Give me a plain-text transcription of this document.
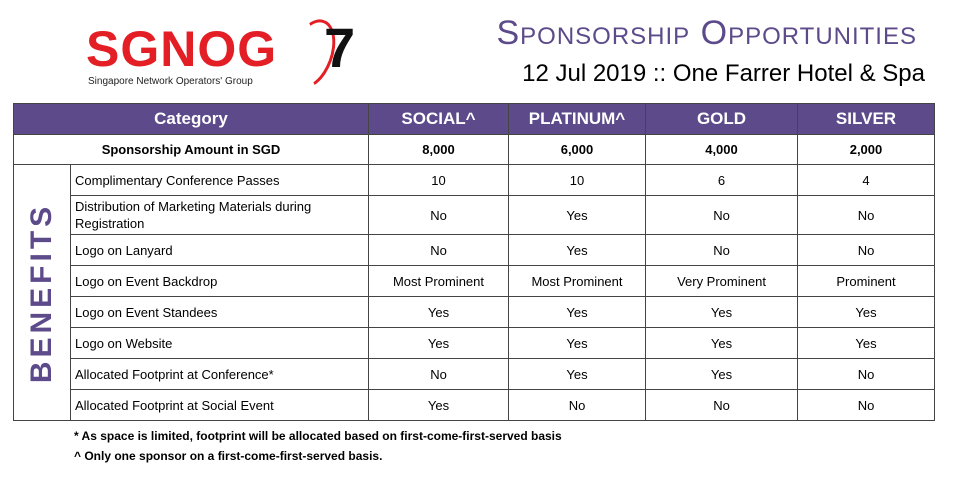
SGNOG 7
Singapore Network Operators' Group
Sponsorship Opportunities
12 Jul 2019 :: One Farrer Hotel & Spa
Category		SOCIAL^	PLATINUM^	GOLD	SILVER
Sponsorship Amount in SGD		8,000	6,000	4,000	2,000

BENEFITS	Complimentary Conference Passes	10	10	6	4
	Distribution of Marketing Materials during Registration	No	Yes	No	No
	Logo on Lanyard	No	Yes	No	No
	Logo on Event Backdrop	Most Prominent	Most Prominent	Very Prominent	Prominent
	Logo on Event Standees	Yes	Yes	Yes	Yes
	Logo on Website	Yes	Yes	Yes	Yes
	Allocated Footprint at Conference*	No	Yes	Yes	No
	Allocated Footprint at Social Event	Yes	No	No	No
* As space is limited, footprint will be allocated based on first-come-first-served basis
^ Only one sponsor on a first-come-first-served basis.
